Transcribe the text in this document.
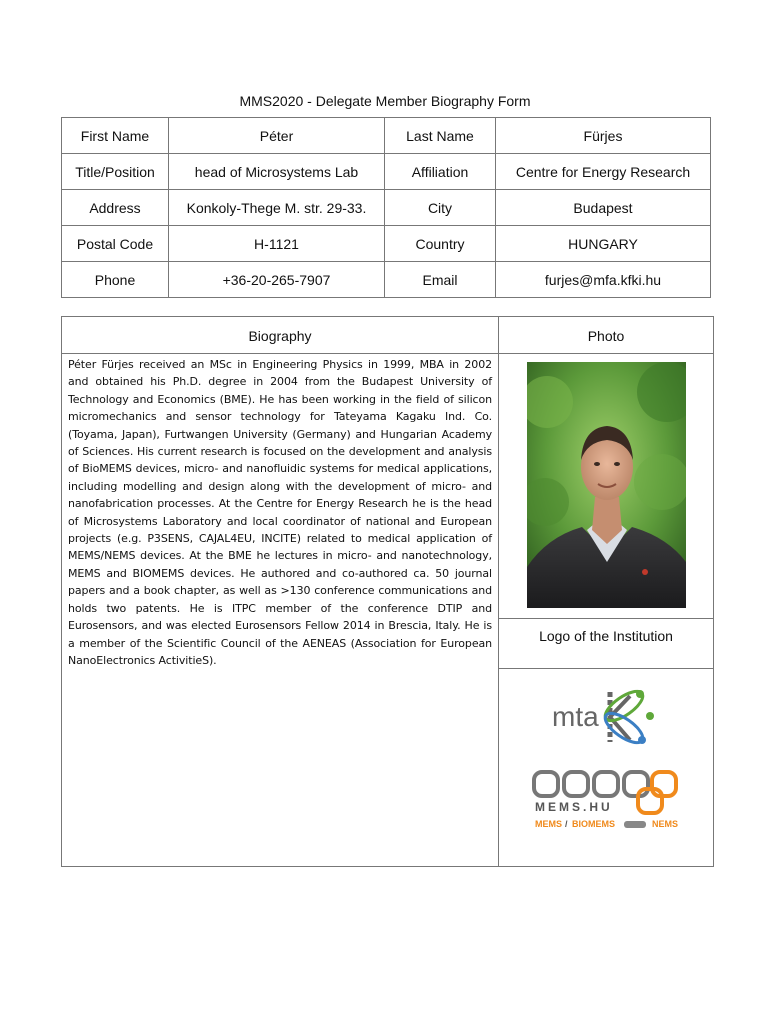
MMS2020 - Delegate Member Biography Form
First Name	Péter	Last Name	Fürjes
Title/Position	head of Microsystems Lab	Affiliation	Centre for Energy Research
Address	Konkoly-Thege M. str. 29-33.	City	Budapest
Postal Code	H-1121	Country	HUNGARY
Phone	+36-20-265-7907	Email	furjes@mfa.kfki.hu
Biography	Photo
Logo of the Institution

Péter Fürjes received an MSc in Engineering Physics in 1999, MBA in 2002 and obtained his Ph.D. degree in 2004 from the Budapest University of Technology and Economics (BME). He has been working in the field of silicon micromechanics and sensor technology for Tateyama Kagaku Ind. Co. (Toyama, Japan), Furtwangen University (Germany) and Hungarian Academy of Sciences. His current research is focused on the development and analysis of BioMEMS devices, micro- and nanofluidic systems for medical applications, including modelling and design along with the development of micro- and nanofabrication processes. At the Centre for Energy Research he is the head of Microsystems Laboratory and local coordinator of national and European projects (e.g. P3SENS, CAJAL4EU, INCITE) related to medical application of MEMS/NEMS devices. At the BME he lectures in micro- and nanotechnology, MEMS and BIOMEMS devices. He authored and co-authored ca. 50 journal papers and a book chapter, as well as >130 conference communications and holds two patents. He is ITPC member of the conference DTIP and Eurosensors, and was elected Eurosensors Fellow 2014 in Brescia, Italy. He is a member of the Scientific Council of the AENEAS (Association for European NanoElectronics ActivitieS).

mta
MEMS.HU
MEMS / BIOMEMS	NEMS
